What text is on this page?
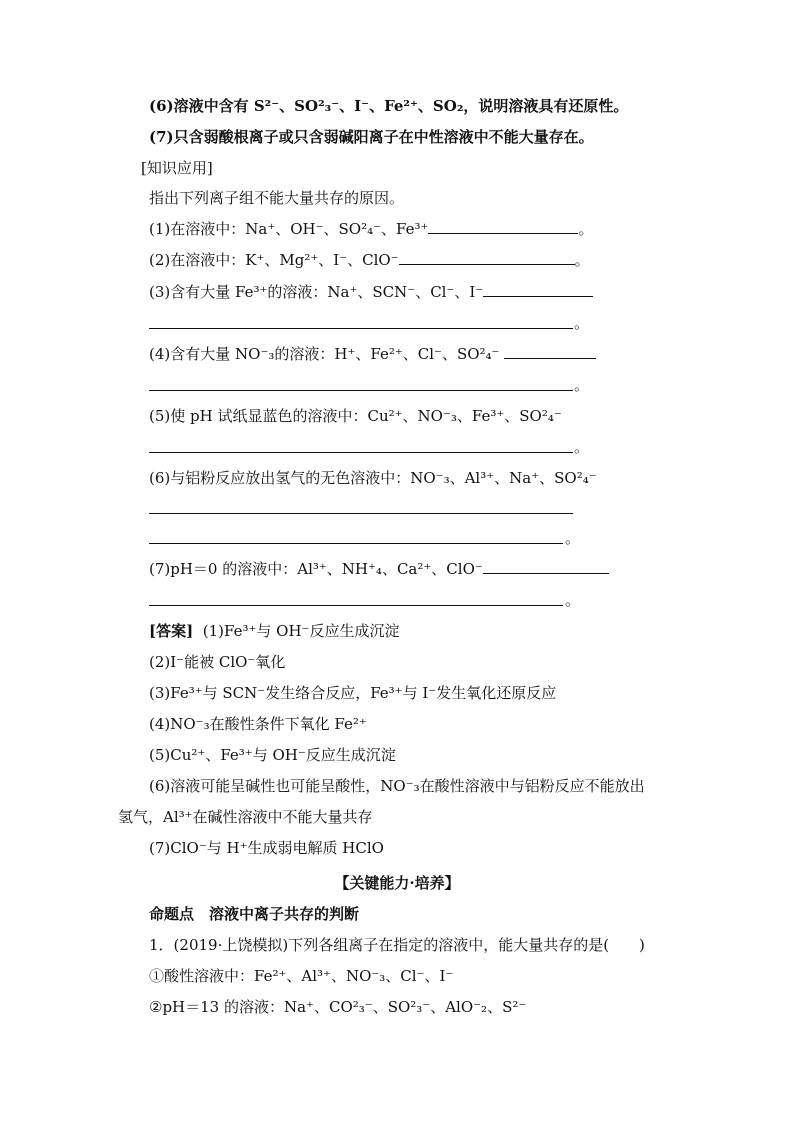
(6)溶液中含有 S²⁻、SO²₃⁻、I⁻、Fe²⁺、SO₂，说明溶液具有还原性。
(7)只含弱酸根离子或只含弱碱阳离子在中性溶液中不能大量存在。
[知识应用]
指出下列离子组不能大量共存的原因。
(1)在溶液中：Na⁺、OH⁻、SO²₄⁻、Fe³⁺	。
(2)在溶液中：K⁺、Mg²⁺、I⁻、ClO⁻	。
(3)含有大量 Fe³⁺的溶液：Na⁺、SCN⁻、Cl⁻、I⁻
。
(4)含有大量 NO⁻₃的溶液：H⁺、Fe²⁺、Cl⁻、SO²₄⁻
。
(5)使 pH 试纸显蓝色的溶液中：Cu²⁺、NO⁻₃、Fe³⁺、SO²₄⁻
。
(6)与铝粉反应放出氢气的无色溶液中：NO⁻₃、Al³⁺、Na⁺、SO²₄⁻
。
(7)pH＝0 的溶液中：Al³⁺、NH⁺₄、Ca²⁺、ClO⁻
。
[答案] (1)Fe³⁺与 OH⁻反应生成沉淀
(2)I⁻能被 ClO⁻氧化
(3)Fe³⁺与 SCN⁻发生络合反应，Fe³⁺与 I⁻发生氧化还原反应
(4)NO⁻₃在酸性条件下氧化 Fe²⁺
(5)Cu²⁺、Fe³⁺与 OH⁻反应生成沉淀
(6)溶液可能呈碱性也可能呈酸性，NO⁻₃在酸性溶液中与铝粉反应不能放出
氢气，Al³⁺在碱性溶液中不能大量共存
(7)ClO⁻与 H⁺生成弱电解质 HClO
【关键能力·培养】
命题点　溶液中离子共存的判断
1．(2019·上饶模拟)下列各组离子在指定的溶液中，能大量共存的是(　　)
①酸性溶液中：Fe²⁺、Al³⁺、NO⁻₃、Cl⁻、I⁻
②pH＝13 的溶液：Na⁺、CO²₃⁻、SO²₃⁻、AlO⁻₂、S²⁻
